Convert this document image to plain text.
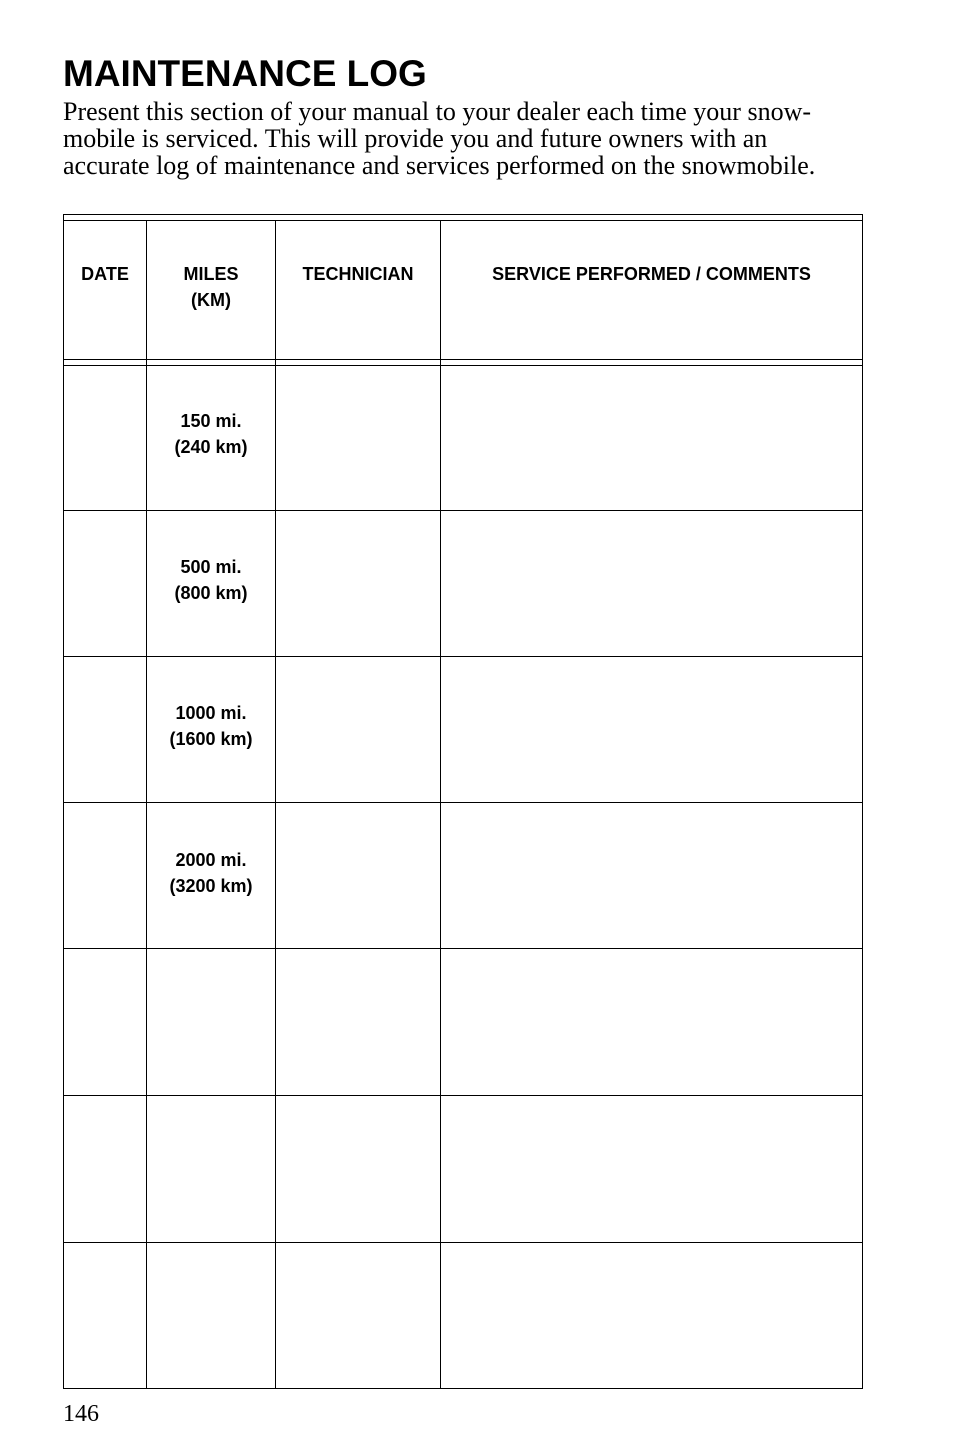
MAINTENANCE LOG

Present this section of your manual to your dealer each time your snow-
mobile is serviced. This will provide you and future owners with an
accurate log of maintenance and services performed on the snowmobile.

DATE	MILES
(KM)
TECHNICIAN	SERVICE PERFORMED / COMMENTS
150 mi.
(240 km)
500 mi.
(800 km)
1000 mi.
(1600 km)
2000 mi.
(3200 km)
146
